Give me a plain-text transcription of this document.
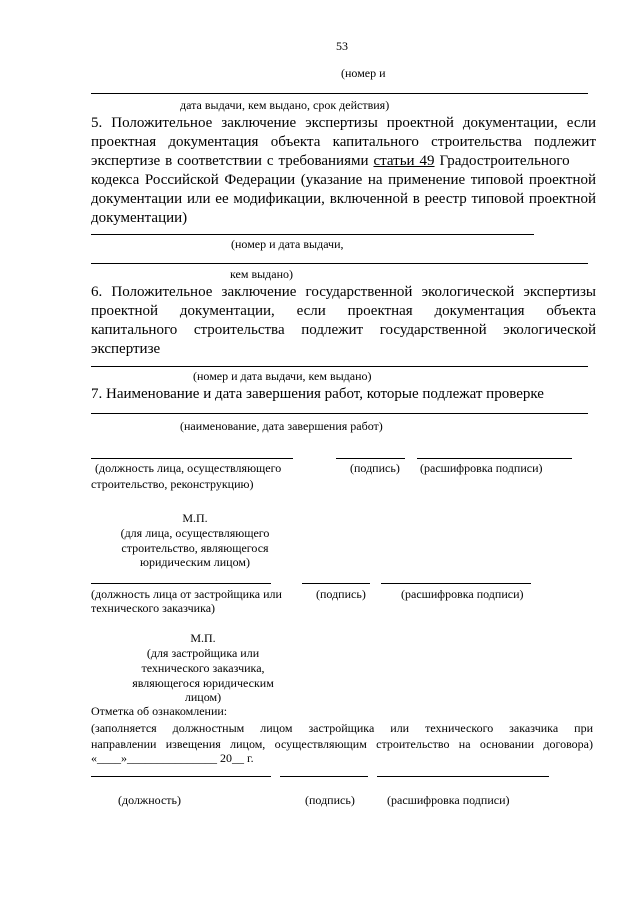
53
(номер и
дата выдачи, кем выдано, срок действия)
5. Положительное заключение экспертизы проектной документации, если
проектная документация объекта капитального строительства подлежит
экспертизе в соответствии с требованиями статьи 49 Градостроительного
кодекса Российской Федерации (указание на применение типовой проектной
документации или ее модификации, включенной в реестр типовой проектной
документации)
(номер и дата выдачи,
кем выдано)
6. Положительное заключение государственной экологической экспертизы
проектной документации, если проектная документация объекта
капитального строительства подлежит государственной экологической
экспертизе
(номер и дата выдачи, кем выдано)
7. Наименование и дата завершения работ, которые подлежат проверке
(наименование, дата завершения работ)
(должность лица, осуществляющего
строительство, реконструкцию)
(подпись) (расшифровка подписи)
М.П.
(для лица, осуществляющего
строительство, являющегося
юридическим лицом)
(должность лица от застройщика или
технического заказчика)
(подпись)	(расшифровка подписи)
М.П.
(для застройщика или
технического заказчика,
являющегося юридическим
лицом)
Отметка об ознакомлении:
(заполняется должностным лицом застройщика или технического заказчика при
направлении извещения лицом, осуществляющим строительство на основании договора)
«____»_______________ 20__ г.
(должность)	(подпись)	(расшифровка подписи)
